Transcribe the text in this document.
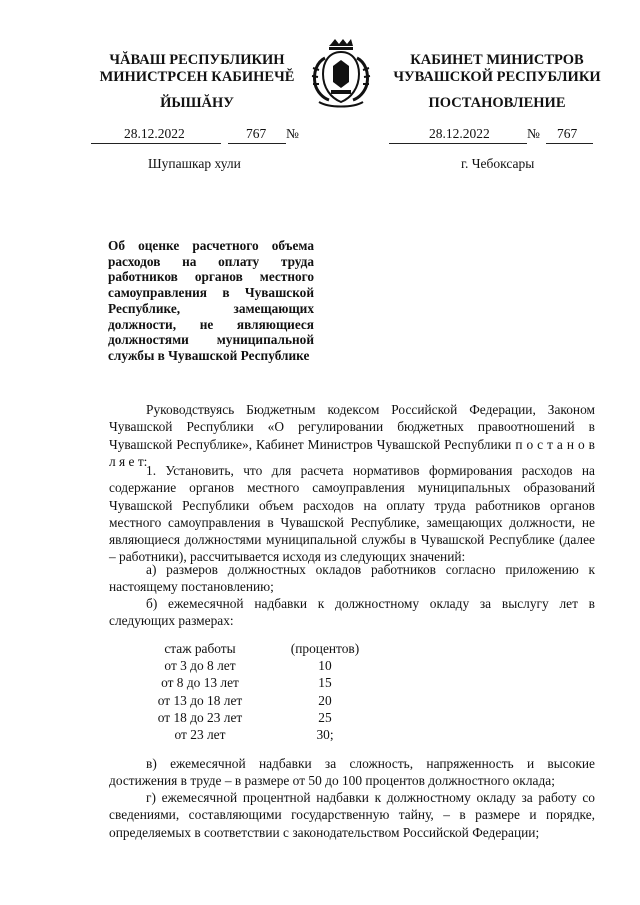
ЧĂВАШ РЕСПУБЛИКИН
МИНИСТРСЕН КАБИНЕЧĔ
ЙЫШĂНУ
КАБИНЕТ МИНИСТРОВ
ЧУВАШСКОЙ РЕСПУБЛИКИ
ПОСТАНОВЛЕНИЕ
28.12.2022	767 №	28.12.2022	№ 767
Шупашкар хули	г. Чебоксары
Об оценке расчетного объема расходов на оплату труда работников органов местного самоуправления в Чувашской Республике, замещающих должности, не являющиеся должностями муниципальной службы в Чувашской Республике
Руководствуясь Бюджетным кодексом Российской Федерации, Законом Чувашской Республики «О регулировании бюджетных правоотношений в Чувашской Республике», Кабинет Министров Чувашской Республики п о с т а н о в л я е т:
1. Установить, что для расчета нормативов формирования расходов на содержание органов местного самоуправления муниципальных образований Чувашской Республики объем расходов на оплату труда работников органов местного самоуправления в Чувашской Республике, замещающих должности, не являющиеся должностями муниципальной службы в Чувашской Республике (далее – работники), рассчитывается исходя из следующих значений:
а) размеров должностных окладов работников согласно приложению к настоящему постановлению;
б) ежемесячной надбавки к должностному окладу за выслугу лет в следующих размерах:
стаж работы	(процентов)
от 3 до 8 лет	10
от 8 до 13 лет	15
от 13 до 18 лет	20
от 18 до 23 лет	25
от 23 лет	30;
в) ежемесячной надбавки за сложность, напряженность и высокие достижения в труде – в размере от 50 до 100 процентов должностного оклада;
г) ежемесячной процентной надбавки к должностному окладу за работу со сведениями, составляющими государственную тайну, – в размере и порядке, определяемых в соответствии с законодательством Российской Федерации;
